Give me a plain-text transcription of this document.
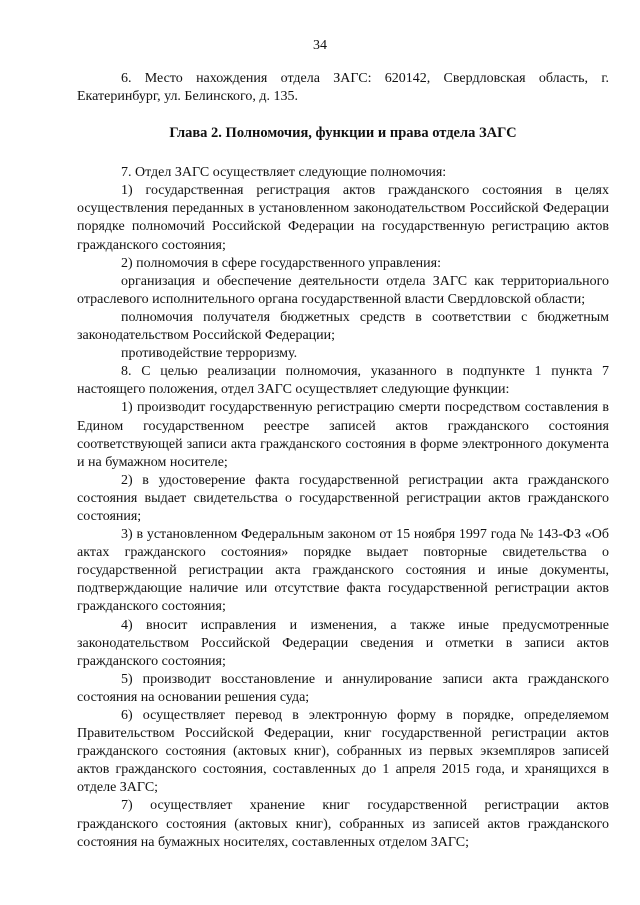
34

6. Место нахождения отдела ЗАГС: 620142, Свердловская область, г. Екатеринбург, ул. Белинского, д. 135.

Глава 2. Полномочия, функции и права отдела ЗАГС

7. Отдел ЗАГС осуществляет следующие полномочия:

1) государственная регистрация актов гражданского состояния в целях осуществления переданных в установленном законодательством Российской Федерации порядке полномочий Российской Федерации на государственную регистрацию актов гражданского состояния;

2) полномочия в сфере государственного управления:

организация и обеспечение деятельности отдела ЗАГС как территориального отраслевого исполнительного органа государственной власти Свердловской области;

полномочия получателя бюджетных средств в соответствии с бюджетным законодательством Российской Федерации;

противодействие терроризму.

8. С целью реализации полномочия, указанного в подпункте 1 пункта 7 настоящего положения, отдел ЗАГС осуществляет следующие функции:

1) производит государственную регистрацию смерти посредством составления в Едином государственном реестре записей актов гражданского состояния соответствующей записи акта гражданского состояния в форме электронного документа и на бумажном носителе;

2) в удостоверение факта государственной регистрации акта гражданского состояния выдает свидетельства о государственной регистрации актов гражданского состояния;

3) в установленном Федеральным законом от 15 ноября 1997 года № 143-ФЗ «Об актах гражданского состояния» порядке выдает повторные свидетельства о государственной регистрации акта гражданского состояния и иные документы, подтверждающие наличие или отсутствие факта государственной регистрации актов гражданского состояния;

4) вносит исправления и изменения, а также иные предусмотренные законодательством Российской Федерации сведения и отметки в записи актов гражданского состояния;

5) производит восстановление и аннулирование записи акта гражданского состояния на основании решения суда;

6) осуществляет перевод в электронную форму в порядке, определяемом Правительством Российской Федерации, книг государственной регистрации актов гражданского состояния (актовых книг), собранных из первых экземпляров записей актов гражданского состояния, составленных до 1 апреля 2015 года, и хранящихся в отделе ЗАГС;

7) осуществляет хранение книг государственной регистрации актов гражданского состояния (актовых книг), собранных из записей актов гражданского состояния на бумажных носителях, составленных отделом ЗАГС;
